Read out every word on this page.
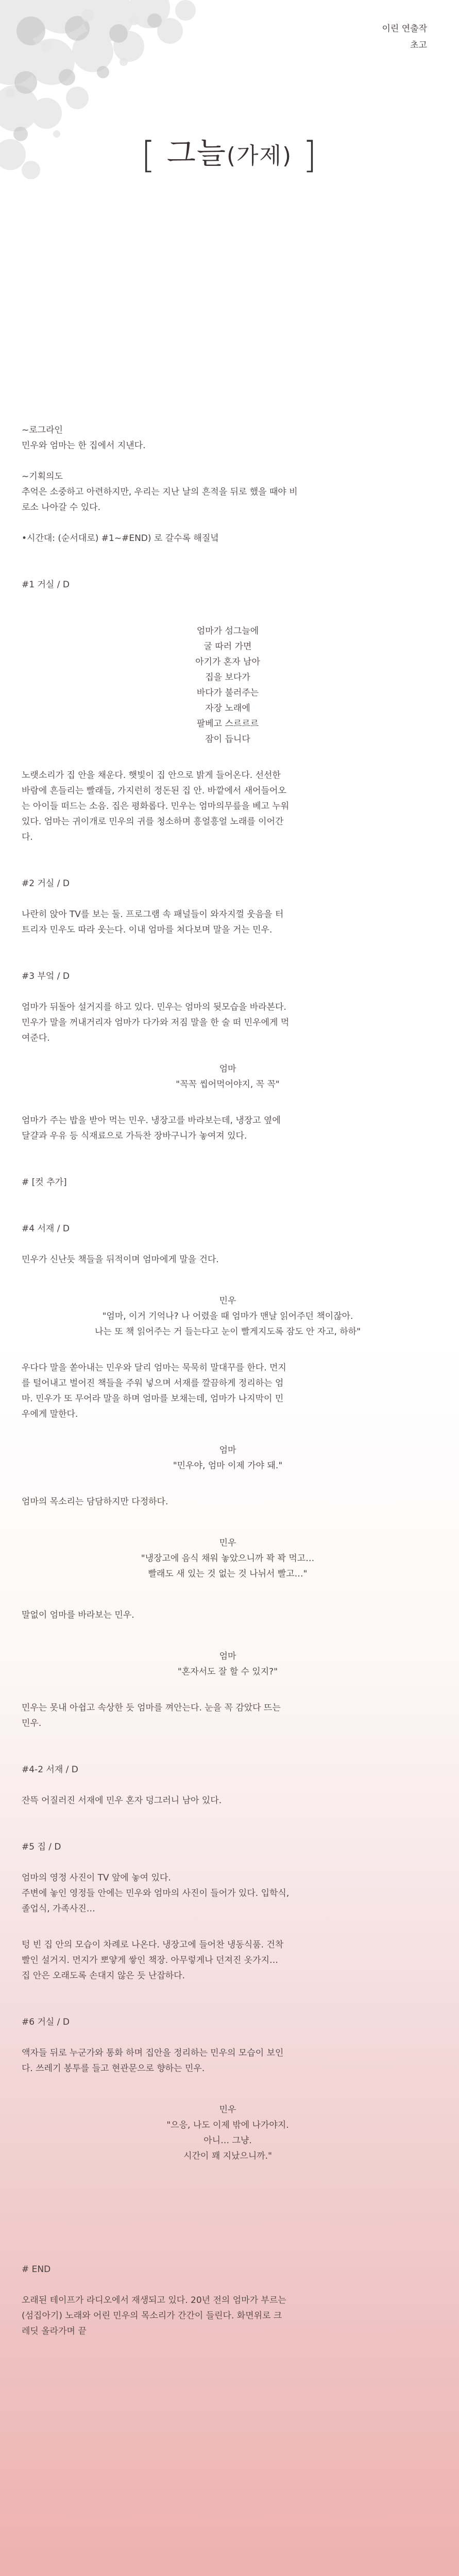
이린 연출작
초고
[ 그늘(가제) ]
~로그라인
민우와 엄마는 한 집에서 지낸다.
~기획의도
추억은 소중하고 아련하지만, 우리는 지난 날의 흔적을 뒤로 했을 때야 비
로소 나아갈 수 있다.
•시간대: (순서대로) #1~#END) 로 갈수록 해질녘
#1 거실 / D
엄마가 섬그늘에
굴 따러 가면
아기가 혼자 남아
집을 보다가
바다가 불러주는
자장 노래에
팔베고 스르르르
잠이 듭니다
노랫소리가 집 안을 채운다. 햇빛이 집 안으로 밝게 들어온다. 선선한
바람에 흔들리는 빨래들, 가지런히 정돈된 집 안. 바깥에서 새어들어오
는 아이들 떠드는 소음. 집은 평화롭다. 민우는 엄마의무릎을 베고 누워
있다. 엄마는 귀이개로 민우의 귀를 청소하며 흥얼흥얼 노래를 이어간
다.
#2 거실 / D
나란히 앉아 TV를 보는 둘. 프로그램 속 패널들이 와자지껄 웃음을 터
트리자 민우도 따라 웃는다. 이내 엄마를 쳐다보며 말을 거는 민우.
#3 부엌 / D
엄마가 뒤돌아 설거지를 하고 있다. 민우는 엄마의 뒷모습을 바라본다.
민우가 말을 꺼내거리자 엄마가 다가와 저짐 말을 한 술 떠 민우에게 먹
여준다.
엄마
"꼭꼭 씹어먹어야지, 꼭 꼭"
엄마가 주는 밥을 받아 먹는 민우. 냉장고를 바라보는데, 냉장고 옆에
달걀과 우유 등 식재료으로 가득찬 장바구니가 놓여져 있다.
# [컷 추가]
#4 서재 / D
민우가 신난듯 책들을 뒤적이며 엄마에게 말을 건다.
민우
"엄마, 이거 기억나? 나 어렸을 때 엄마가 맨날 읽어주던 책이잖아.
나는 또 책 읽어주는 거 들는다고 눈이 빨게지도록 잠도 안 자고, 하하"
우다다 말을 쏟아내는 민우와 달리 엄마는 묵묵히 말대꾸를 한다. 먼지
를 털어내고 벌어진 책들을 주워 넣으며 서재를 깔끔하게 정리하는 엄
마. 민우가 또 무어라 말을 하며 엄마를 보채는데, 엄마가 나지막이 민
우에게 말한다.
엄마
"민우야, 엄마 이제 가야 돼."
엄마의 목소리는 담담하지만 다정하다.
민우
"냉장고에 음식 채워 놓았으니까 꽉 꽉 먹고…
빨래도 새 있는 것 없는 것 나뉘서 빨고…"
말없이 엄마를 바라보는 민우.
엄마
"혼자서도 잘 할 수 있지?"
민우는 못내 아쉽고 속상한 듯 엄마를 껴안는다. 눈을 꼭 감았다 뜨는
민우.
#4-2 서재 / D
잔뜩 어질러진 서재에 민우 혼자 덩그러니 남아 있다.
#5 집 / D
엄마의 영정 사진이 TV 앞에 놓여 있다.
주변에 놓인 영정들 안에는 민우와 엄마의 사진이 들어가 있다. 입학식,
졸업식, 가족사진…
텅 빈 집 안의 모습이 차례로 나온다. 냉장고에 들어찬 냉동식품. 건착
빨인 설거지. 먼지가 뽀얗게 쌓인 책장. 아무렇게나 던져진 옷가지…
집 안은 오래도록 손대지 않은 듯 난잡하다.
#6 거실 / D
액자들 뒤로 누군가와 통화 하며 집안을 정리하는 민우의 모습이 보인
다. 쓰레기 봉투를 들고 현관문으로 향하는 민우.
민우
"으응, 나도 이제 밖에 나가야지.
아니… 그냥.
시간이 꽤 지났으니까."
# END
오래된 테이프가 라디오에서 재생되고 있다. 20년 전의 엄마가 부르는
(섬집아기) 노래와 어린 민우의 목소리가 간간이 들린다. 화면위로 크
레딧 올라가며 끝
